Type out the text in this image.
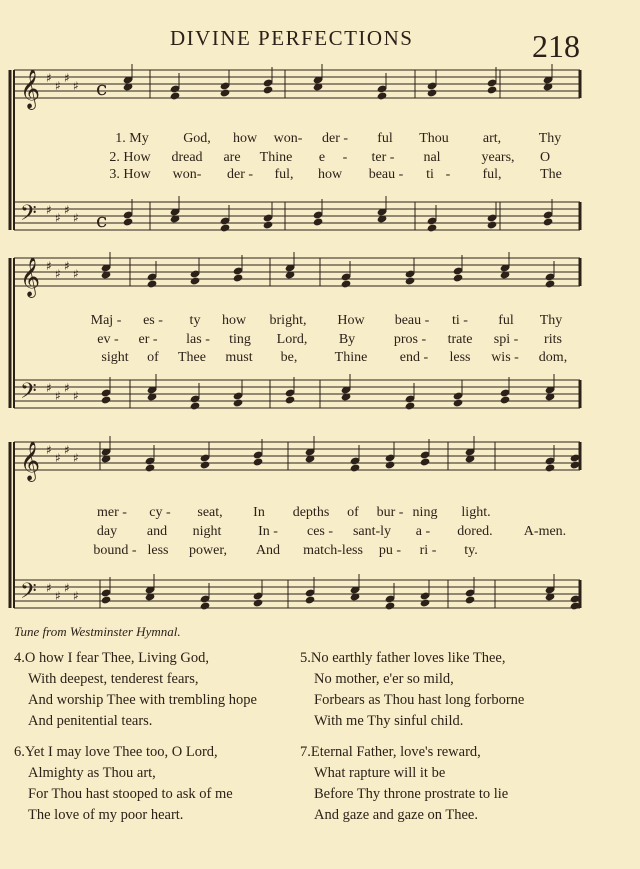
DIVINE PERFECTIONS	218
𝄞 ♯
♯
♯
♯ c
𝄢 ♯
♯
♯
♯ c
𝄞 ♯
♯
♯
♯
𝄢 ♯
♯
♯
♯
𝄞 ♯
♯
♯
♯
𝄢 ♯
♯
♯
♯
1. My God, how won- der - ful Thou art,	Thy
2. How dread are Thine e - ter - nal	years, O
3. How won- der - ful, how beau - ti - ful,	The
Maj - es - ty how bright, How beau - ti - ful Thy
ev - er - las - ting Lord, By	pros - trate spi - rits
sight of Thee must be,	Thine end - less wis - dom,
mer - cy - seat, In depths of bur - ning light.
day and night	In - ces - sant-ly a - dored. A-men.
bound - less power, And match-less pu - ri - ty.
Tune from Westminster Hymnal.
4.O how I fear Thee, Living God,
With deepest, tenderest fears,
And worship Thee with trembling hope
And penitential tears.
5.No earthly father loves like Thee,
No mother, e'er so mild,
Forbears as Thou hast long forborne
With me Thy sinful child.
6.Yet I may love Thee too, O Lord,
Almighty as Thou art,
For Thou hast stooped to ask of me
The love of my poor heart.
7.Eternal Father, love's reward,
What rapture will it be
Before Thy throne prostrate to lie
And gaze and gaze on Thee.
